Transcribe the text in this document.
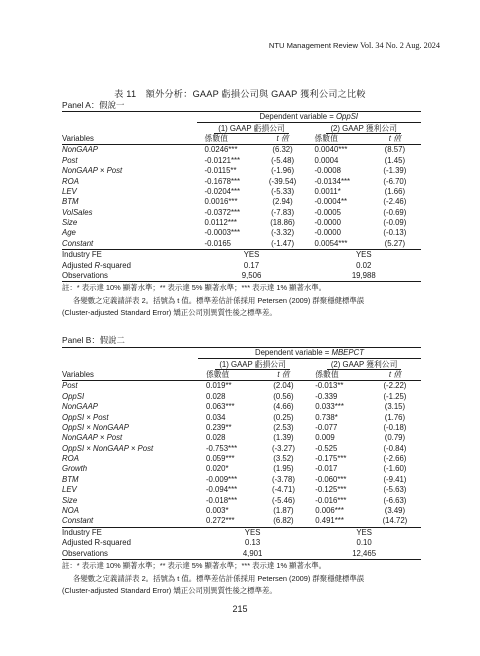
NTU Management Review Vol. 34 No. 2 Aug. 2024
表 11　額外分析：GAAP 虧損公司與 GAAP 獲利公司之比較
Panel A：假說一
	Dependent variable = OppSI			
	(1) GAAP 虧損公司		(2) GAAP 獲利公司	
Variables	係數值	t 值	係數值	t 值
NonGAAP	0.0246***	(6.32)	0.0040***	(8.57)
Post	-0.0121***	(-5.48)	0.0004	(1.45)
NonGAAP × Post	-0.0115**	(-1.96)	-0.0008	(-1.39)
ROA	-0.1678***	(-39.54)	-0.0134***	(-6.70)
LEV	-0.0204***	(-5.33)	0.0011*	(1.66)
BTM	0.0016***	(2.94)	-0.0004**	(-2.46)
VolSales	-0.0372***	(-7.83)	-0.0005	(-0.69)
Size	0.0112***	(18.86)	-0.0000	(-0.09)
Age	-0.0003***	(-3.32)	-0.0000	(-0.13)
Constant	-0.0165	(-1.47)	0.0054***	(5.27)
Industry FE	YES		YES	
Adjusted R-squared	0.17		0.02	
Observations	9,506		19,988	
註：* 表示達 10% 顯著水準；** 表示達 5% 顯著水準；*** 表示達 1% 顯著水準。
各變數之定義請詳表 2。括號為 t 值。標準差估計係採用 Petersen (2009) 群聚穩健標準誤
(Cluster-adjusted Standard Error) 矯正公司別異質性後之標準差。
Panel B：假說二
	Dependent variable = MBEPCT			
	(1) GAAP 虧損公司		(2) GAAP 獲利公司	
Variables	係數值	t 值	係數值	t 值
Post	0.019**	(2.04)	-0.013**	(-2.22)
OppSI	0.028	(0.56)	-0.339	(-1.25)
NonGAAP	0.063***	(4.66)	0.033***	(3.15)
OppSI × Post	0.034	(0.25)	0.738*	(1.76)
OppSI × NonGAAP	0.239**	(2.53)	-0.077	(-0.18)
NonGAAP × Post	0.028	(1.39)	0.009	(0.79)
OppSI × NonGAAP × Post	-0.753***	(-3.27)	-0.525	(-0.84)
ROA	0.059***	(3.52)	-0.175***	(-2.66)
Growth	0.020*	(1.95)	-0.017	(-1.60)
BTM	-0.009***	(-3.78)	-0.060***	(-9.41)
LEV	-0.094***	(-4.71)	-0.125***	(-5.63)
Size	-0.018***	(-5.46)	-0.016***	(-6.63)
NOA	0.003*	(1.87)	0.006***	(3.49)
Constant	0.272***	(6.82)	0.491***	(14.72)
Industry FE	YES		YES	
Adjusted R-squared	0.13		0.10	
Observations	4,901		12,465	
註：* 表示達 10% 顯著水準；** 表示達 5% 顯著水準；*** 表示達 1% 顯著水準。
各變數之定義請詳表 2。括號為 t 值。標準差估計係採用 Petersen (2009) 群聚穩健標準誤
(Cluster-adjusted Standard Error) 矯正公司別異質性後之標準差。
215
